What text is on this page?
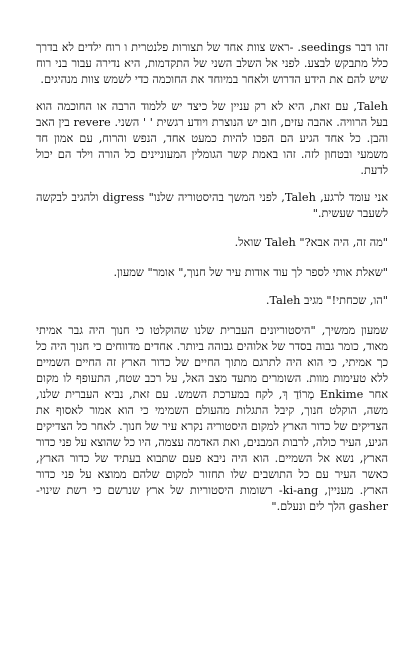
זהו דבר seedings. -ראש צוות אחד של תצורות פלנטרית ו רוח ילדים לא בדרך כלל מתבקש לבצע. לפני אל השלב השני של התקדמות, היא נדירה עבור בני רוח שיש להם את הידע הדרוש ולאחר במיוחד את החוכמה כדי לשמש צוות מנהיגים.

Taleh, עם זאת, היא לא רק עניין של כיצד יש ללמוד הרבה או החוכמה הוא בעל הרוויה. אהבה עזים, חוב יש הנוצרת ויודע רגשית ' ' השני. revere בין האב והבן. כל אחד הגיע הם הפכו להיות כמעט אחד, הנפש והרוח, עם אמון חד משמעי ובטחון לזה. זהו באמת קשר הגומלין המעוניינים כל הורה וילד הם יכול לדעת.

אני עומד לרגע, Taleh, לפני המשך בהיסטוריה שלנו" digress ולהגיב לבקשה לשעבר שעשית."

"מה זה, היה אבא?" Taleh שואל.

"שאלת אותי לספר לך עוד אודות עיר של חנוך," אומר" שמעון.

"הו, שכחתי!" מגיב Taleh.

שמעון ממשיך, "היסטוריונים העברית שלנו שהוקלטו כי חנוך היה גבר אמיתי מאוד, כומר גבוה בסדר של אלוהים גבוהה ביותר. אחדים מדווחים כי חנוך היה כל כך אמיתי, כי הוא היה לתרגם מתוך החיים של כדור הארץ זה החיים השמיים ללא טעימות מוות. השומרים מתעד מצב האל, על רכב שטח, התעופף לו מקום אחר Enkime מְרוֹדַ ךְ, לקח במערכת השמש. עם זאת, נביא העברית שלנו, משה, הוקלט חנוך, קיבל התגלות מהעולם השמימי כי הוא אמור לאסוף את הצדיקים של כדור הארץ למקום היסטוריה נקרא עיר של חנוך. לאחר כל הצדיקים הגיע, העיר כולה, לרבות המבנים, ואת האדמה עצמה, היו כל שהוצא על פני כדור הארץ, נשא אל השמיים. הוא היה ניבא פעם שתבוא בעתיד של כדור הארץ, כאשר העיר עם כל התושבים שלו תחזור למקום שלהם ממוצא על פני כדור הארץ. מעניין, ki-ang- רשומות היסטוריות של ארץ שנרשם כי רשת שינוי- gasher הלך לים ונעלם."
